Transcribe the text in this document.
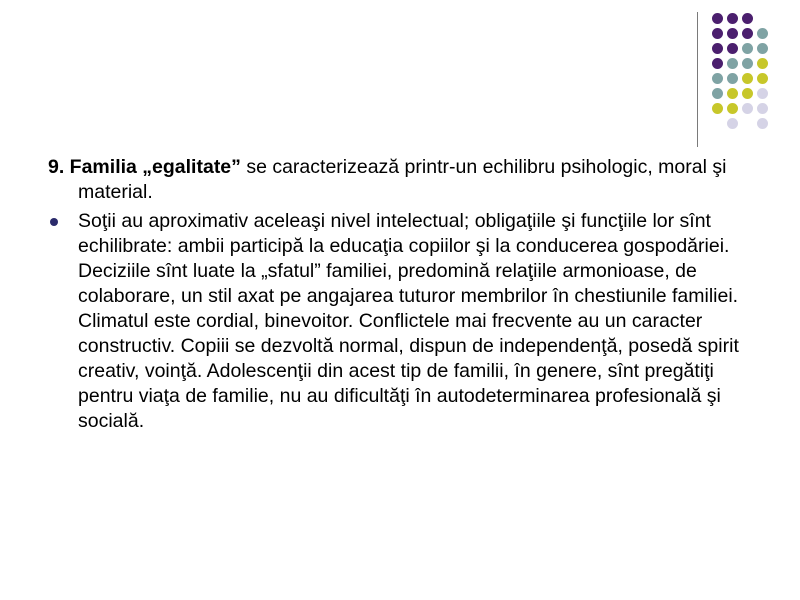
9. Familia „egalitate” se caracterizează printr-un echilibru psihologic, moral şi material.

Soţii au aproximativ aceleaşi nivel intelectual; obligaţiile şi funcţiile lor sînt echilibrate: ambii participă la educaţia copiilor şi la conducerea gospodăriei. Deciziile sînt luate la „sfatul” familiei, predomină relaţiile armonioase, de colaborare, un stil axat pe angajarea tuturor membrilor în chestiunile familiei. Climatul este cordial, binevoitor. Conflictele mai frecvente au un caracter constructiv. Copiii se dezvoltă normal, dispun de independenţă, posedă spirit creativ, voinţă. Adolescenţii din acest tip de familii, în genere, sînt pregătiţi pentru viaţa de familie, nu au dificultăţi în autodeterminarea profesională şi socială.
